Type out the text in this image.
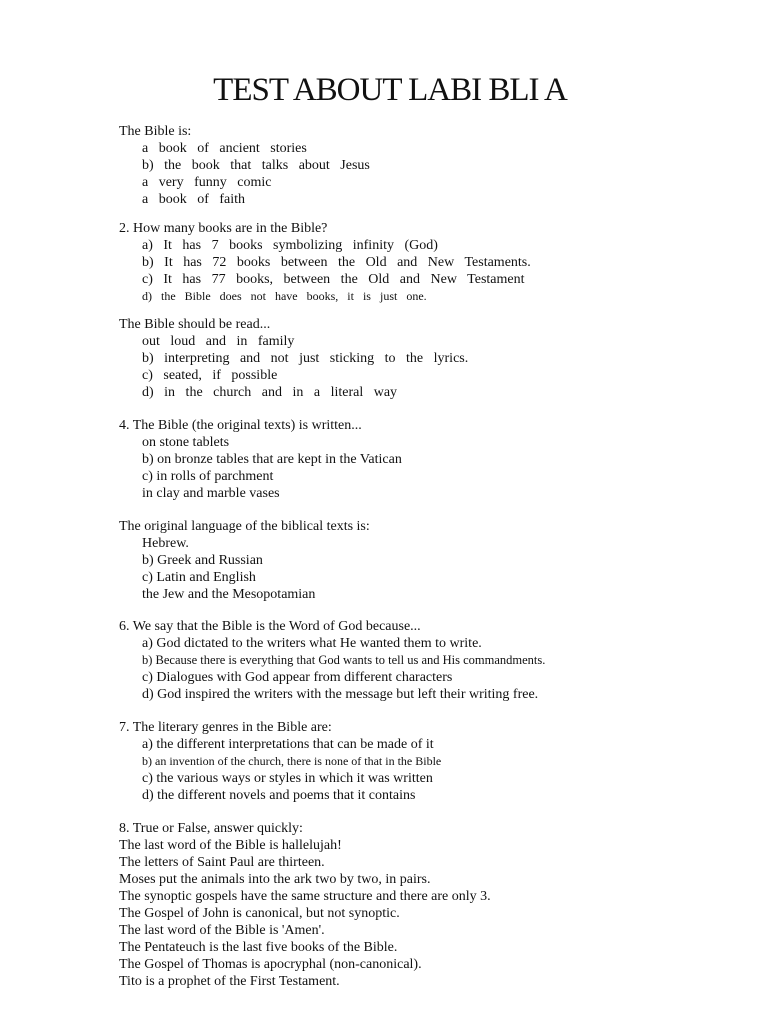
TEST ABOUT LABI BLI A
The Bible is:
a   book   of   ancient   stories
b)   the   book   that   talks   about   Jesus
a   very   funny   comic
a   book   of   faith
2. How many books are in the Bible?
a)   It   has   7   books   symbolizing   infinity   (God)
b)   It   has   72   books   between   the   Old   and   New   Testaments.
c)   It   has   77   books,   between   the   Old   and   New   Testament
d)   the   Bible   does   not   have   books,   it   is   just   one.
The Bible should be read...
out   loud   and   in   family
b)   interpreting   and   not   just   sticking   to   the   lyrics.
c)   seated,   if   possible
d)   in   the   church   and   in   a   literal   way
4. The Bible (the original texts) is written...
on stone tablets
b) on bronze tables that are kept in the Vatican
c) in rolls of parchment
in clay and marble vases
The original language of the biblical texts is:
Hebrew.
b) Greek and Russian
c) Latin and English
the Jew and the Mesopotamian
6. We say that the Bible is the Word of God because...
a) God dictated to the writers what He wanted them to write.
b) Because there is everything that God wants to tell us and His commandments.
c) Dialogues with God appear from different characters
d) God inspired the writers with the message but left their writing free.
7. The literary genres in the Bible are:
a) the different interpretations that can be made of it
b) an invention of the church, there is none of that in the Bible
c) the various ways or styles in which it was written
d) the different novels and poems that it contains
8. True or False, answer quickly:
The last word of the Bible is hallelujah!
The letters of Saint Paul are thirteen.
Moses put the animals into the ark two by two, in pairs.
The synoptic gospels have the same structure and there are only 3.
The Gospel of John is canonical, but not synoptic.
The last word of the Bible is 'Amen'.
The Pentateuch is the last five books of the Bible.
The Gospel of Thomas is apocryphal (non-canonical).
Tito is a prophet of the First Testament.
